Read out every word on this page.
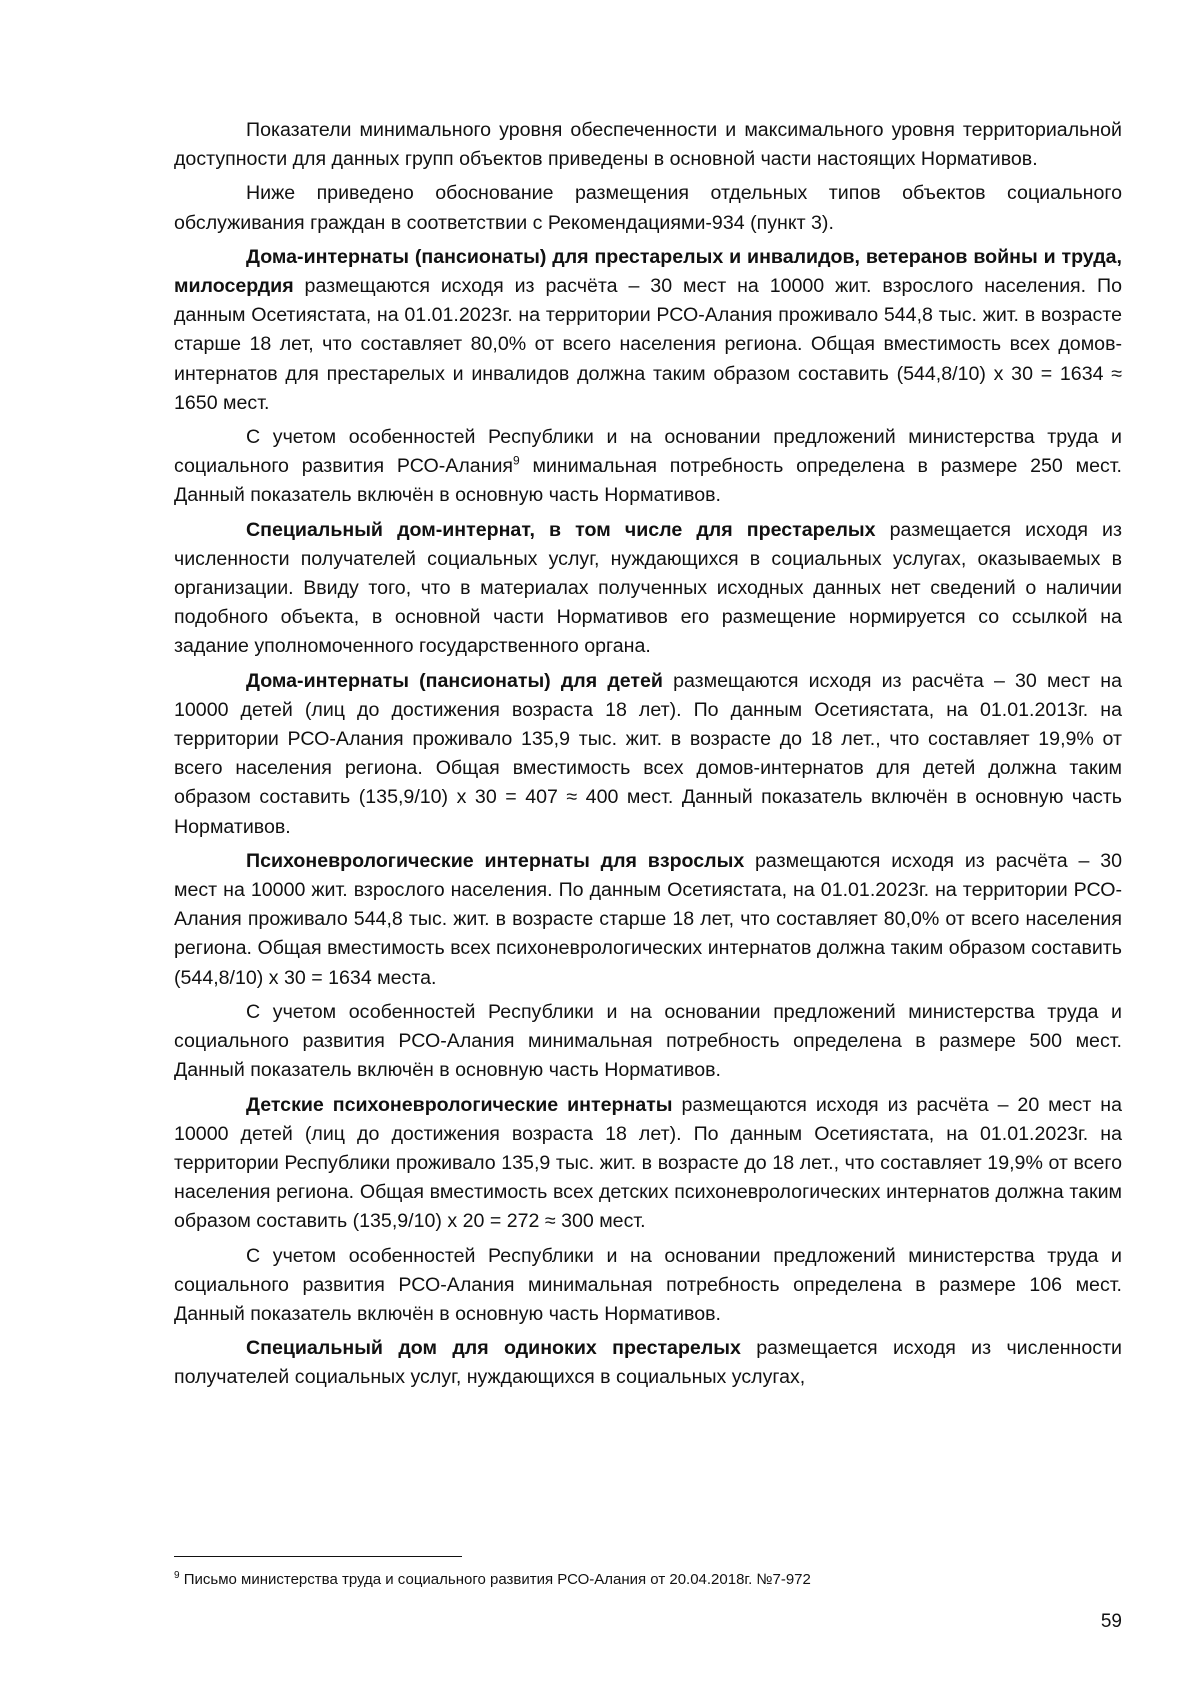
Показатели минимального уровня обеспеченности и максимального уровня территориальной доступности для данных групп объектов приведены в основной части настоящих Нормативов.

Ниже приведено обоснование размещения отдельных типов объектов социального обслуживания граждан в соответствии с Рекомендациями-934 (пункт 3).

Дома-интернаты (пансионаты) для престарелых и инвалидов, ветеранов войны и труда, милосердия размещаются исходя из расчёта – 30 мест на 10000 жит. взрослого населения. По данным Осетиястата, на 01.01.2023г. на территории РСО-Алания проживало 544,8 тыс. жит. в возрасте старше 18 лет, что составляет 80,0% от всего населения региона. Общая вместимость всех домов-интернатов для престарелых и инвалидов должна таким образом составить (544,8/10) х 30 = 1634 ≈ 1650 мест.

С учетом особенностей Республики и на основании предложений министерства труда и социального развития РСО-Алания$^9$ минимальная потребность определена в размере 250 мест. Данный показатель включён в основную часть Нормативов.

Специальный дом-интернат, в том числе для престарелых размещается исходя из численности получателей социальных услуг, нуждающихся в социальных услугах, оказываемых в организации. Ввиду того, что в материалах полученных исходных данных нет сведений о наличии подобного объекта, в основной части Нормативов его размещение нормируется со ссылкой на задание уполномоченного государственного органа.

Дома-интернаты (пансионаты) для детей размещаются исходя из расчёта – 30 мест на 10000 детей (лиц до достижения возраста 18 лет). По данным Осетиястата, на 01.01.2013г. на территории РСО-Алания проживало 135,9 тыс. жит. в возрасте до 18 лет., что составляет 19,9% от всего населения региона. Общая вместимость всех домов-интернатов для детей должна таким образом составить (135,9/10) х 30 = 407 ≈ 400 мест. Данный показатель включён в основную часть Нормативов.

Психоневрологические интернаты для взрослых размещаются исходя из расчёта – 30 мест на 10000 жит. взрослого населения. По данным Осетиястата, на 01.01.2023г. на территории РСО-Алания проживало 544,8 тыс. жит. в возрасте старше 18 лет, что составляет 80,0% от всего населения региона. Общая вместимость всех психоневрологических интернатов должна таким образом составить (544,8/10) х 30 = 1634 места.

С учетом особенностей Республики и на основании предложений министерства труда и социального развития РСО-Алания минимальная потребность определена в размере 500 мест. Данный показатель включён в основную часть Нормативов.

Детские психоневрологические интернаты размещаются исходя из расчёта – 20 мест на 10000 детей (лиц до достижения возраста 18 лет). По данным Осетиястата, на 01.01.2023г. на территории Республики проживало 135,9 тыс. жит. в возрасте до 18 лет., что составляет 19,9% от всего населения региона. Общая вместимость всех детских психоневрологических интернатов должна таким образом составить (135,9/10) х 20 = 272 ≈ 300 мест.

С учетом особенностей Республики и на основании предложений министерства труда и социального развития РСО-Алания минимальная потребность определена в размере 106 мест. Данный показатель включён в основную часть Нормативов.

Специальный дом для одиноких престарелых размещается исходя из численности получателей социальных услуг, нуждающихся в социальных услугах,

$^9$ Письмо министерства труда и социального развития РСО-Алания от 20.04.2018г. №7-972
59
